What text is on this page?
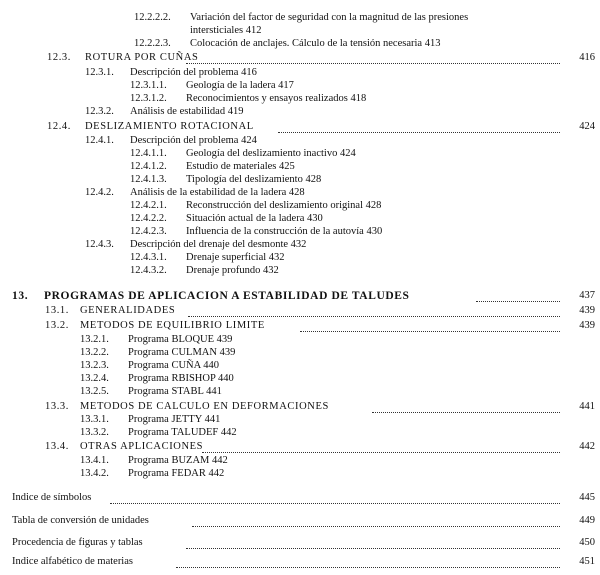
12.2.2.2.	Variación del factor de seguridad con la magnitud de las presiones
intersticiales 412
12.2.2.3.	Colocación de anclajes. Cálculo de la tensión necesaria 413
12.3.	ROTURA POR CUÑAS	416
12.3.1.	Descripción del problema 416
12.3.1.1.	Geología de la ladera 417
12.3.1.2.	Reconocimientos y ensayos realizados 418
12.3.2.	Análisis de estabilidad 419
12.4.	DESLIZAMIENTO ROTACIONAL	424
12.4.1.	Descripción del problema 424
12.4.1.1.	Geología del deslizamiento inactivo 424
12.4.1.2.	Estudio de materiales 425
12.4.1.3.	Tipología del deslizamiento 428
12.4.2.	Análisis de la estabilidad de la ladera 428
12.4.2.1.	Reconstrucción del deslizamiento original 428
12.4.2.2.	Situación actual de la ladera 430
12.4.2.3.	Influencia de la construcción de la autovía 430
12.4.3.	Descripción del drenaje del desmonte 432
12.4.3.1.	Drenaje superficial 432
12.4.3.2.	Drenaje profundo 432
13.	PROGRAMAS DE APLICACION A ESTABILIDAD DE TALUDES	437
13.1.	GENERALIDADES	439
13.2.	METODOS DE EQUILIBRIO LIMITE	439
13.2.1.	Programa BLOQUE 439
13.2.2.	Programa CULMAN 439
13.2.3.	Programa CUÑA 440
13.2.4.	Programa RBISHOP 440
13.2.5.	Programa STABL 441
13.3.	METODOS DE CALCULO EN DEFORMACIONES	441
13.3.1.	Programa JETTY 441
13.3.2.	Programa TALUDEF 442
13.4.	OTRAS APLICACIONES	442
13.4.1.	Programa BUZAM 442
13.4.2.	Programa FEDAR 442
Indice de símbolos	445
Tabla de conversión de unidades	449
Procedencia de figuras y tablas	450
Indice alfabético de materias	451
